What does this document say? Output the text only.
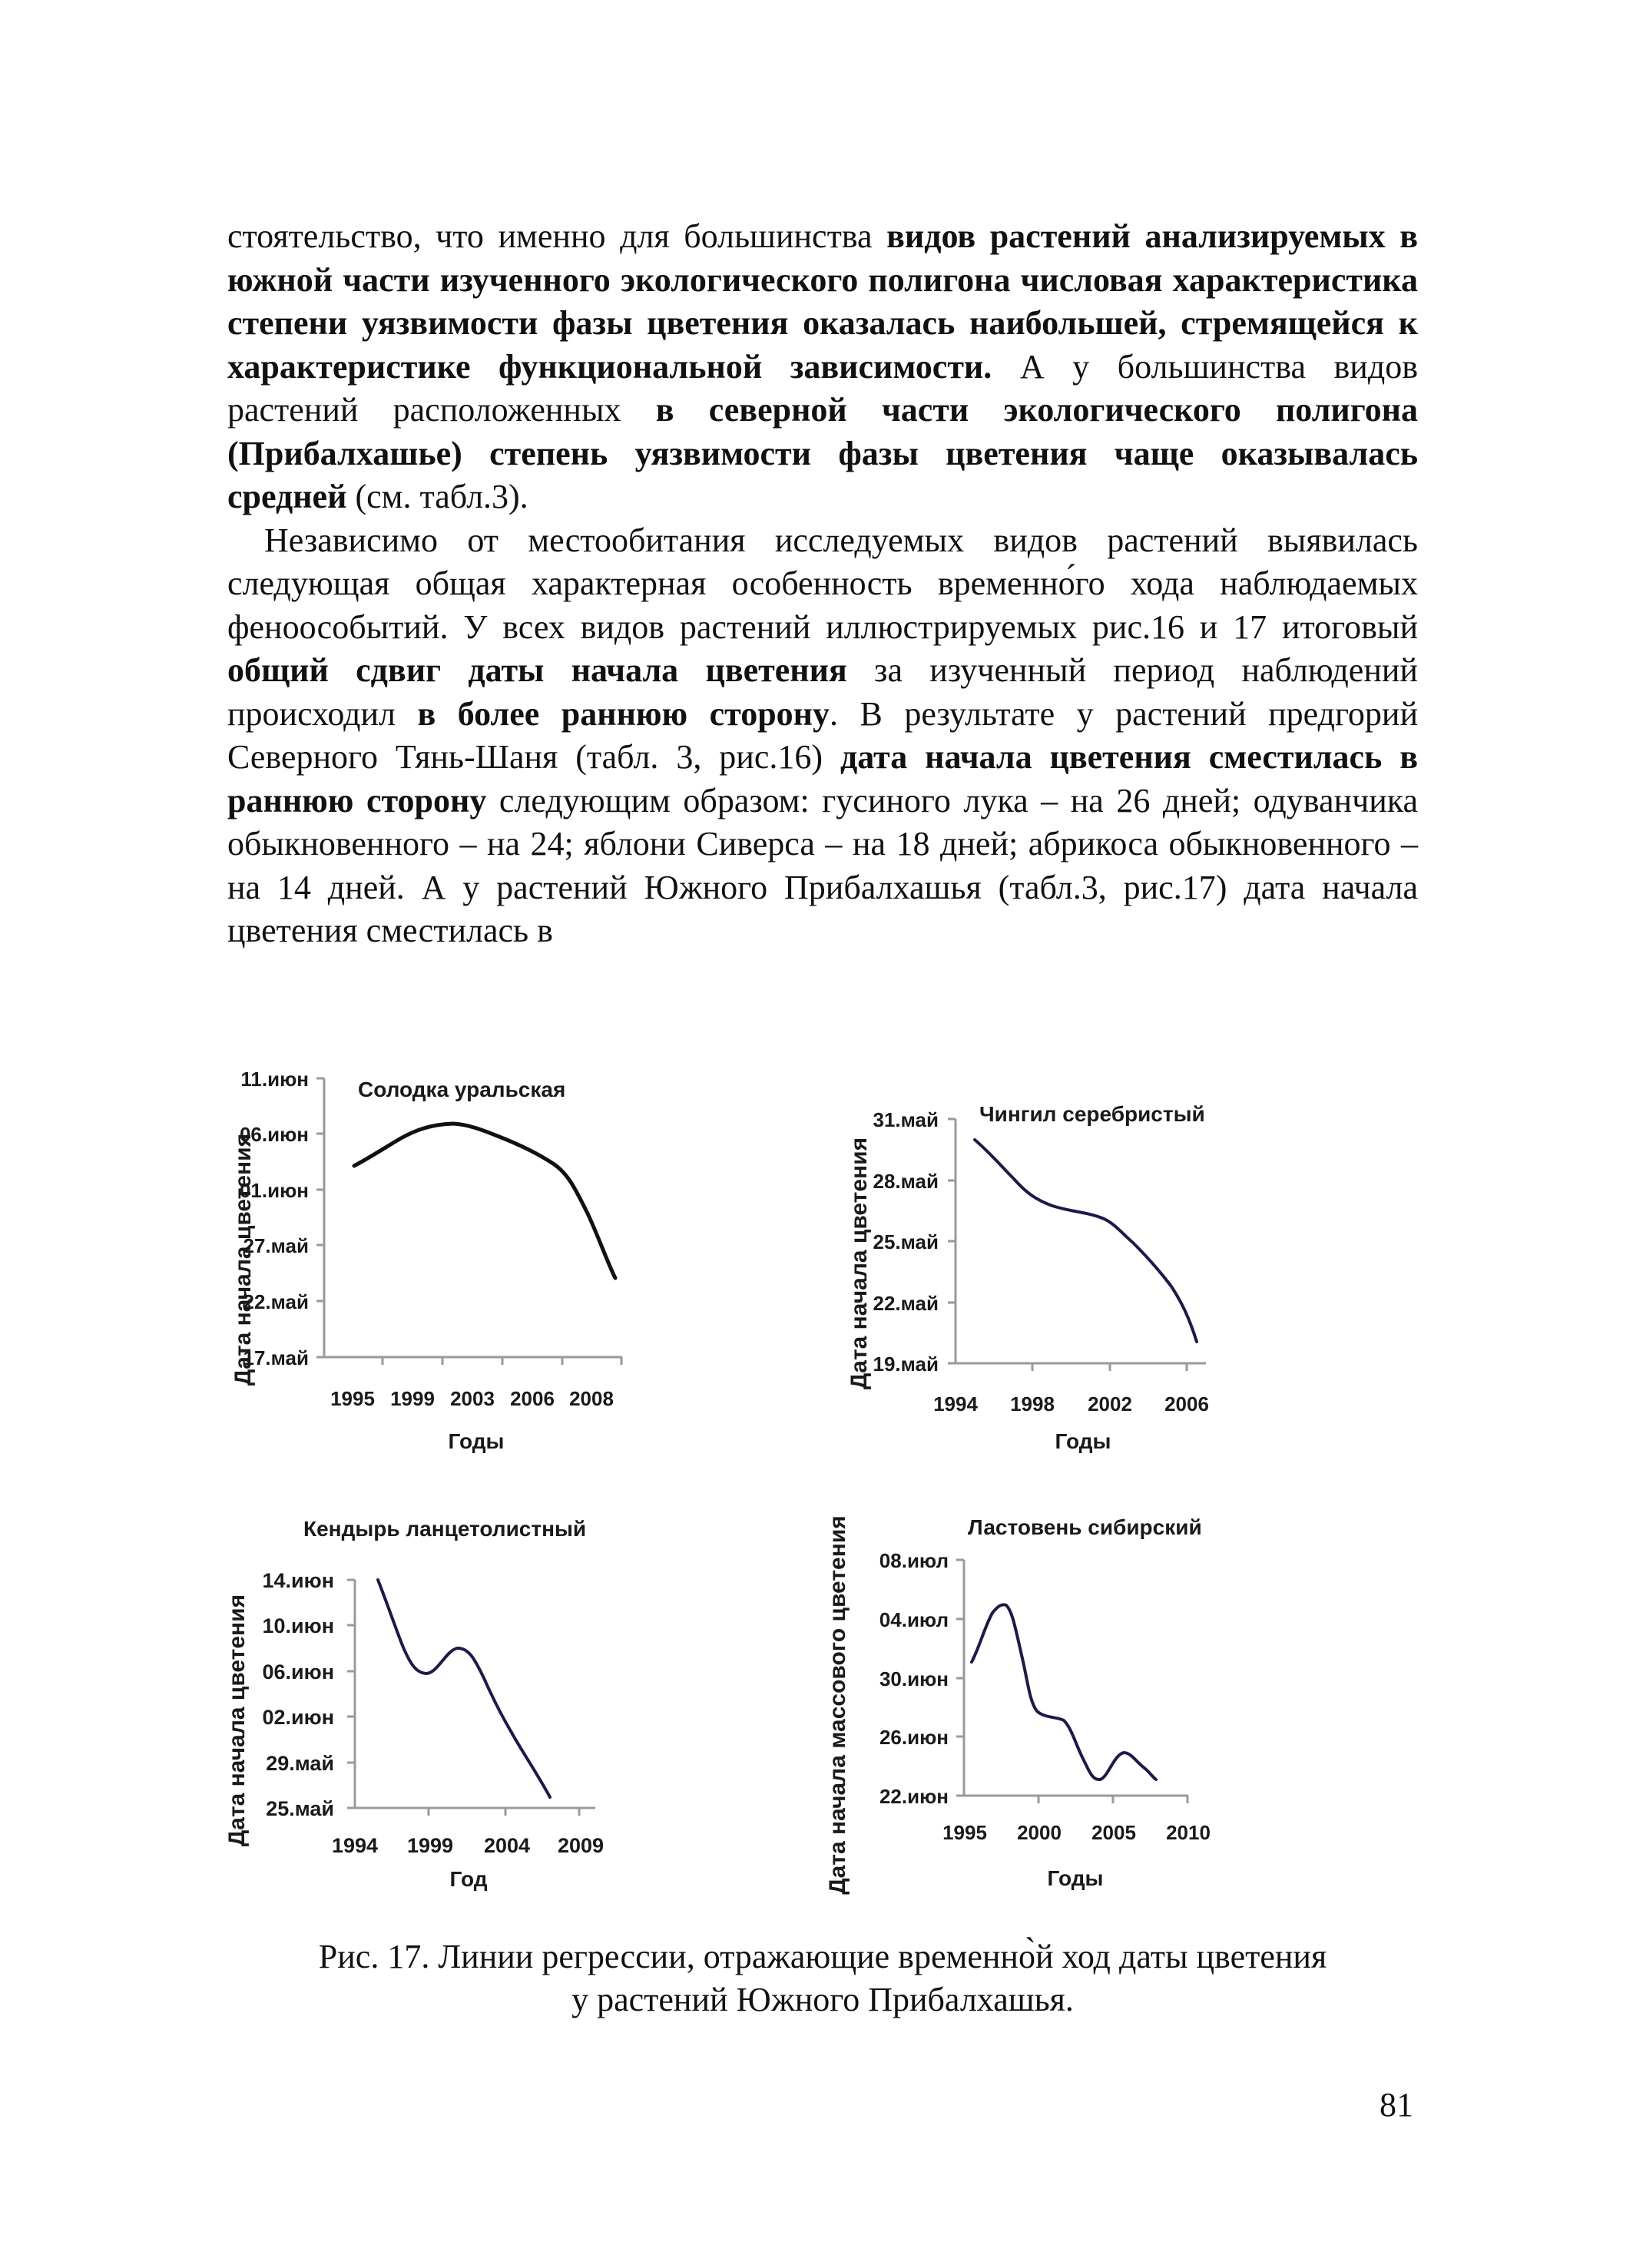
стоятельство, что именно для большинства видов растений анализируемых в южной части изученного экологического полигона числовая характеристика степени уязвимости фазы цветения оказалась наибольшей, стремящейся к характеристике функциональной зависимости. А у большинства видов растений расположенных в северной части экологического полигона (Прибалхашье) степень уязвимости фазы цветения чаще оказывалась средней (см. табл.3).

Независимо от местообитания исследуемых видов растений выявилась следующая общая характерная особенность временно́го хода наблюдаемых феноособытий. У всех видов растений иллюстрируемых рис.16 и 17 итоговый общий сдвиг даты начала цветения за изученный период наблюдений происходил в более раннюю сторону. В результате у растений предгорий Северного Тянь-Шаня (табл. 3, рис.16) дата начала цветения сместилась в раннюю сторону следующим образом: гусиного лука – на 26 дней; одуванчика обыкновенного – на 24; яблони Сиверса – на 18 дней; абрикоса обыкновенного – на 14 дней. А у растений Южного Прибалхашья (табл.3, рис.17) дата начала цветения сместилась в

Дата начала цветения
11.июн
06.июн
01.июн
27.май
22.май
17.май
1995 1999 2003 2006 2008
Солодка уральская
Годы
Дата начала цветения
31.май
28.май
25.май
22.май
19.май
1994 1998 2002 2006
Чингил серебристый
Годы
Дата начала цветения
14.июн
10.июн
06.июн
02.июн
29.май
25.май
1994 1999 2004 2009
Кендырь ланцетолистный
Год	Дата начала массового цветения 08.июл
04.июл
30.июн
26.июн
22.июн
1995 2000 2005 2010
Ластовень сибирский
Годы
Рис. 17. Линии регрессии, отражающие временно̀й ход даты цветения
у растений Южного Прибалхашья.
81
